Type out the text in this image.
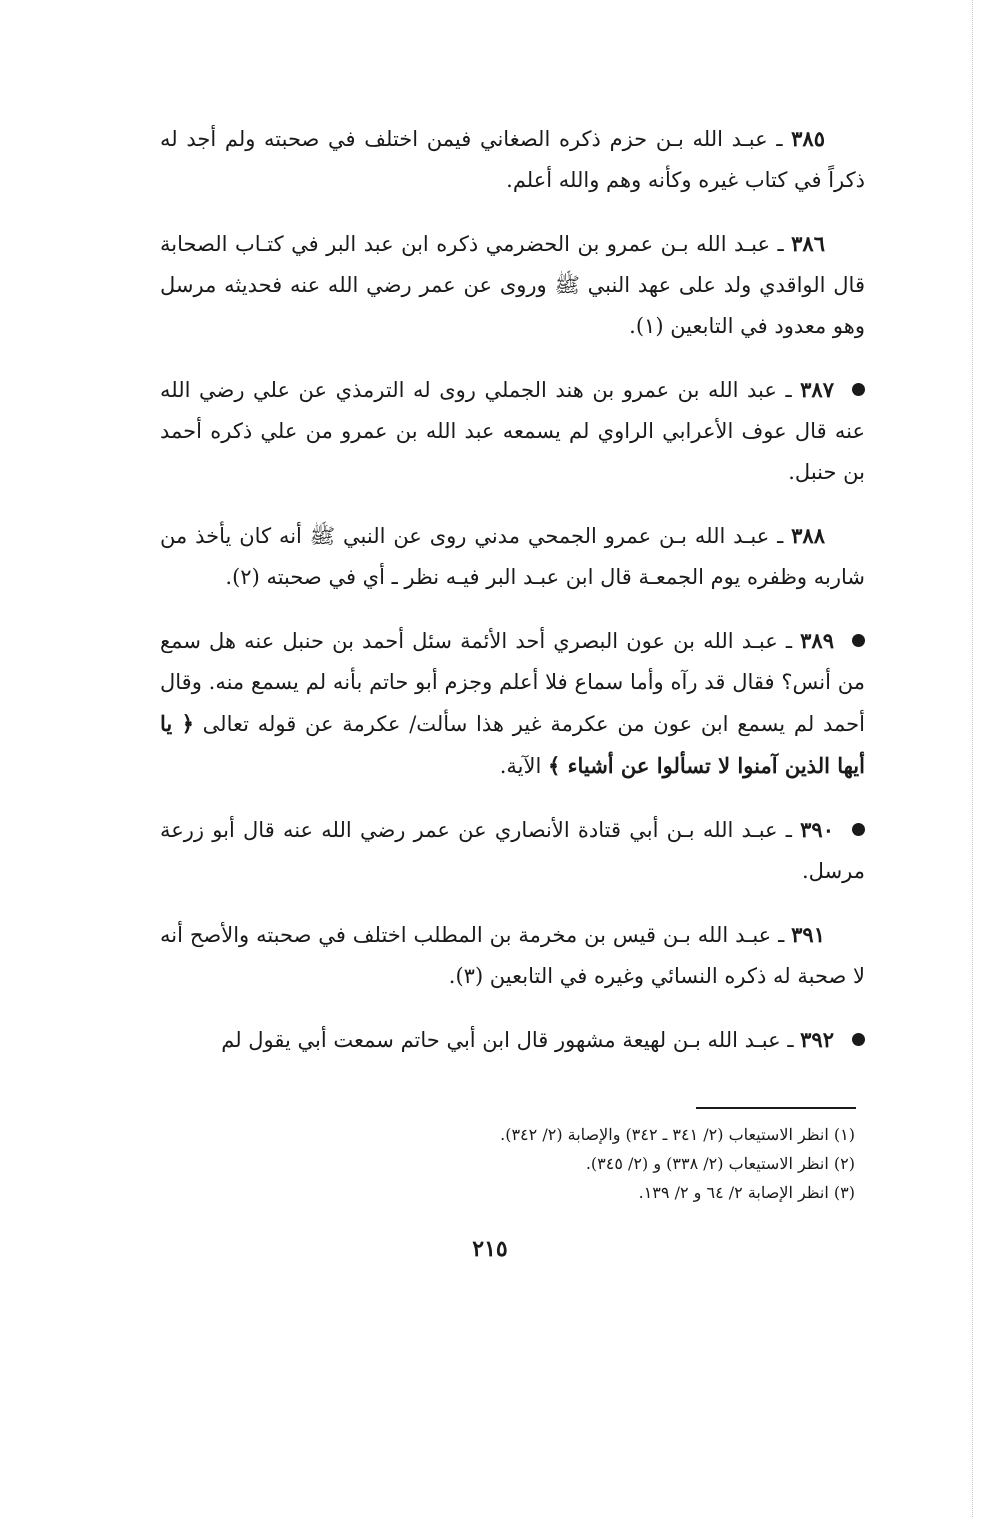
٣٨٥ ـ عبـد الله بـن حزم ذكره الصغاني فيمن اختلف في صحبته ولم أجد له ذكراً في كتاب غيره وكأنه وهم والله أعلم.

٣٨٦ ـ عبـد الله بـن عمرو بن الحضرمي ذكره ابن عبد البر في كتـاب الصحابة قال الواقدي ولد على عهد النبي ﷺ وروى عن عمر رضي الله عنه فحديثه مرسل وهو معدود في التابعين (١).

٣٨٧ ـ عبد الله بن عمرو بن هند الجملي روى له الترمذي عن علي رضي الله عنه قال عوف الأعرابي الراوي لم يسمعه عبد الله بن عمرو من علي ذكره أحمد بن حنبل.

٣٨٨ ـ عبـد الله بـن عمرو الجمحي مدني روى عن النبي ﷺ أنه كان يأخذ من شاربه وظفره يوم الجمعـة قال ابن عبـد البر فيـه نظر ـ أي في صحبته (٢).

٣٨٩ ـ عبـد الله بن عون البصري أحد الأئمة سئل أحمد بن حنبل عنه هل سمع من أنس؟ فقال قد رآه وأما سماع فلا أعلم وجزم أبو حاتم بأنه لم يسمع منه. وقال أحمد لم يسمع ابن عون من عكرمة غير هذا سألت/ عكرمة عن قوله تعالى ﴿ يا أيها الذين آمنوا لا تسألوا عن أشياء ﴾ الآية.

٣٩٠ ـ عبـد الله بـن أبي قتادة الأنصاري عن عمر رضي الله عنه قال أبو زرعة مرسل.

٣٩١ ـ عبـد الله بـن قيس بن مخرمة بن المطلب اختلف في صحبته والأصح أنه لا صحبة له ذكره النسائي وغيره في التابعين (٣).

٣٩٢ ـ عبـد الله بـن لهيعة مشهور قال ابن أبي حاتم سمعت أبي يقول لم

(١) انظر الاستيعاب (٢/ ٣٤١ ـ ٣٤٢) والإصابة (٢/ ٣٤٢).

(٢) انظر الاستيعاب (٢/ ٣٣٨) و (٢/ ٣٤٥).

(٣) انظر الإصابة ٢/ ٦٤ و ٢/ ١٣٩.

٢١٥
